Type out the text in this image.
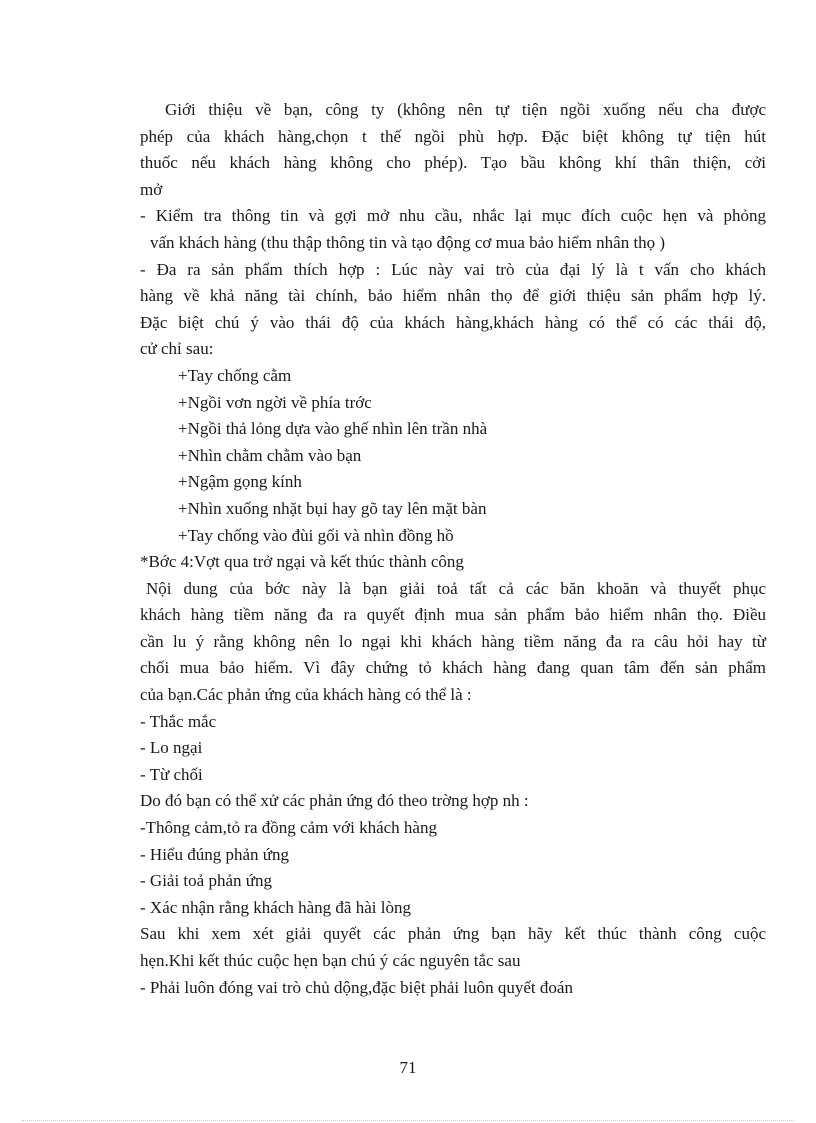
Giới thiệu về bạn, công ty (không nên tự tiện ngồi xuống nếu cha được
phép của khách hàng,chọn t thế ngồi phù hợp. Đặc biệt không tự tiện hút
thuốc nếu khách hàng không cho phép). Tạo bầu không khí thân thiện, cởi
mở
- Kiểm tra thông tin và gợi mở nhu cầu, nhắc lại mục đích cuộc hẹn và phỏng
vấn khách hàng (thu thập thông tin và tạo động cơ mua bảo hiểm nhân thọ )
- Đa ra sản phẩm thích hợp : Lúc này vai trò của đại lý là t vấn cho khách
hàng về khả năng tài chính, bảo hiểm nhân thọ để giới thiệu sản phẩm hợp lý.
Đặc biệt chú ý vào thái độ của khách hàng,khách hàng có thể có các thái độ,
cử chỉ sau:
+Tay chống cằm
+Ngồi vơn ngời về phía trớc
+Ngồi thả lỏng dựa vào ghế nhìn lên trần nhà
+Nhìn chằm chằm vào bạn
+Ngậm gọng kính
+Nhìn xuống nhặt bụi hay gõ tay lên mặt bàn
+Tay chống vào đùi gối và nhìn đồng hồ
*Bớc 4:Vợt qua trở ngại và kết thúc thành công
Nội dung của bớc này là bạn giải toả tất cả các băn khoăn và thuyết phục
khách hàng tiềm năng đa ra quyết định mua sản phẩm bảo hiểm nhân thọ. Điều
cần lu ý rằng không nên lo ngại khi khách hàng tiềm năng đa ra câu hỏi hay từ
chối mua bảo hiểm. Vì đây chứng tỏ khách hàng đang quan tâm đến sản phẩm
của bạn.Các phản ứng của khách hàng có thể là :
- Thắc mắc
- Lo ngại
- Từ chối
Do đó bạn có thể xử các phản ứng đó theo trờng hợp nh :
-Thông cảm,tỏ ra đồng cảm với khách hàng
- Hiểu đúng phản ứng
- Giải toả phản ứng
- Xác nhận rằng khách hàng đã hài lòng
Sau khi xem xét giải quyết các phản ứng bạn hãy kết thúc thành công cuộc
hẹn.Khi kết thúc cuộc hẹn bạn chú ý các nguyên tắc sau
- Phải luôn đóng vai trò chủ dộng,đặc biệt phải luôn quyết đoán
71
